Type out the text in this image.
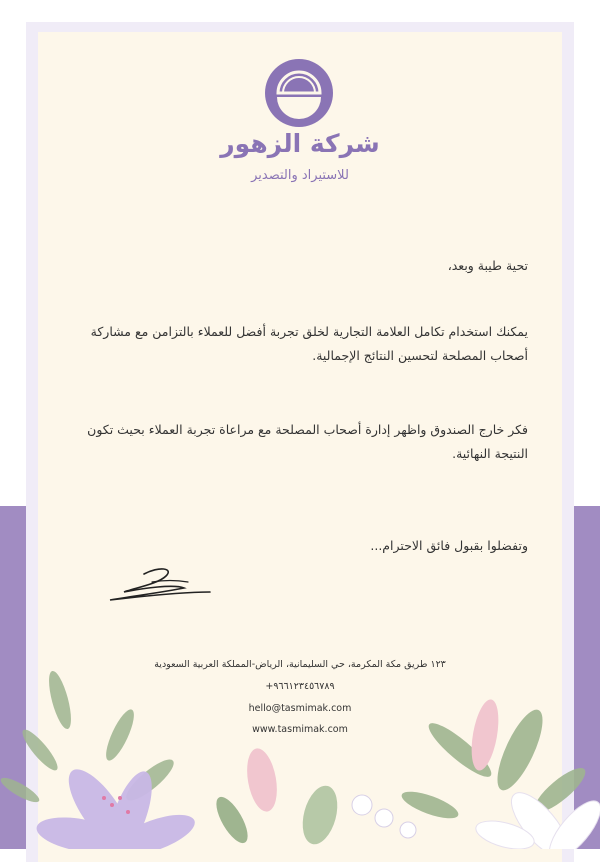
شركة الزهور
للاستيراد والتصدير
تحية طيبة وبعد،
يمكنك استخدام تكامل العلامة التجارية لخلق تجربة أفضل للعملاء بالتزامن مع مشاركة أصحاب المصلحة لتحسين النتائج الإجمالية.
فكر خارج الصندوق واظهر إدارة أصحاب المصلحة مع مراعاة تجربة العملاء بحيث تكون النتيجة النهائية.
وتفضلوا بقبول فائق الاحترام...
١٢٣ طريق مكة المكرمة، حي السليمانية، الرياض-المملكة العربية السعودية
+٩٦٦١٢٣٤٥٦٧٨٩
hello@tasmimak.com
www.tasmimak.com
